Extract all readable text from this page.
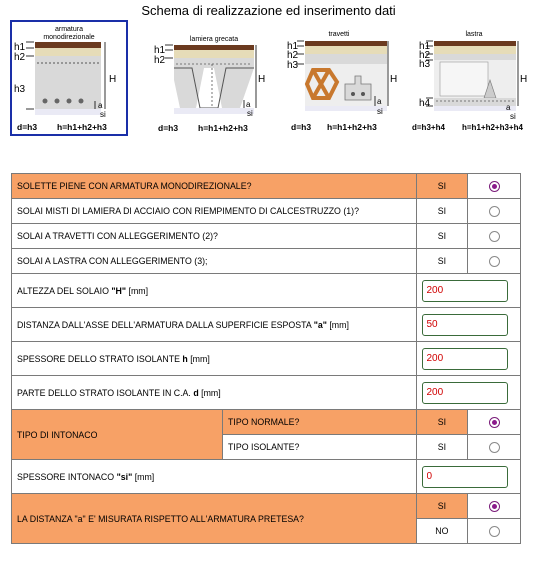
Schema di realizzazione ed inserimento dati
armatura
monodirezionale
h1
h2
h3
H
a
si
d=h3 h=h1+h2+h3
lamiera grecata
h1
h2
H
a
si
d=h3 h=h1+h2+h3
travetti
h1
h2
h3
H
a
si
d=h3 h=h1+h2+h3
lastra
h1
h2
h3
h4
H
a
si
d=h3+h4 h=h1+h2+h3+h4
SOLETTE PIENE CON ARMATURA MONODIREZIONALE?		SI	
SOLAI MISTI DI LAMIERA DI ACCIAIO CON RIEMPIMENTO DI CALCESTRUZZO (1)?		SI	
SOLAI A TRAVETTI CON ALLEGGERIMENTO (2)?		SI	
SOLAI A LASTRA CON ALLEGGERIMENTO (3);		SI	
ALTEZZA DEL SOLAIO "H" [mm]	200
DISTANZA DALL'ASSE DELL'ARMATURA DALLA SUPERFICIE ESPOSTA "a" [mm]	50
SPESSORE DELLO STRATO ISOLANTE h [mm]	200
PARTE DELLO STRATO ISOLANTE IN C.A. d [mm]	200
TIPO DI INTONACO	TIPO NORMALE?	SI	
	TIPO ISOLANTE?	SI	
SPESSORE INTONACO "si" [mm]	0
LA DISTANZA "a" E' MISURATA RISPETTO ALL'ARMATURA PRETESA?		SI	
		NO	
